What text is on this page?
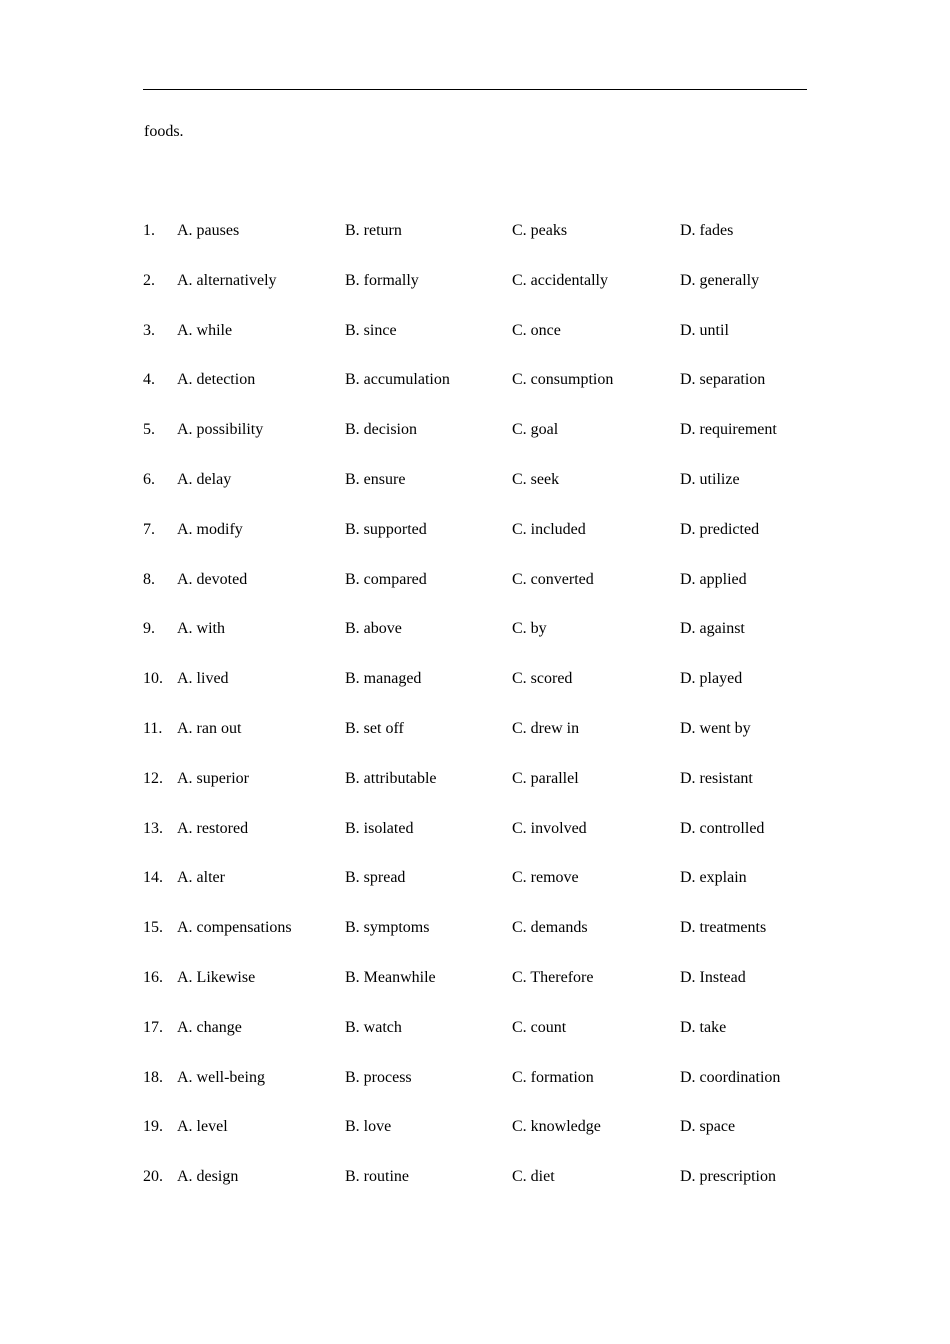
foods.
1. A. pauses	B. return	C. peaks	D. fades
2. A. alternatively	B. formally	C. accidentally	D. generally
3. A. while	B. since	C. once	D. until
4. A. detection	B. accumulation	C. consumption	D. separation
5. A. possibility	B. decision	C. goal	D. requirement
6. A. delay	B. ensure	C. seek	D. utilize
7. A. modify	B. supported	C. included	D. predicted
8. A. devoted	B. compared	C. converted	D. applied
9. A. with	B. above	C. by	D. against
10. A. lived	B. managed	C. scored	D. played
11. A. ran out	B. set off	C. drew in	D. went by
12. A. superior	B. attributable	C. parallel	D. resistant
13. A. restored	B. isolated	C. involved	D. controlled
14. A. alter	B. spread	C. remove	D. explain
15. A. compensations	B. symptoms	C. demands	D. treatments
16. A. Likewise	B. Meanwhile	C. Therefore	D. Instead
17. A. change	B. watch	C. count	D. take
18. A. well-being	B. process	C. formation	D. coordination
19. A. level	B. love	C. knowledge	D. space
20. A. design	B. routine	C. diet	D. prescription
